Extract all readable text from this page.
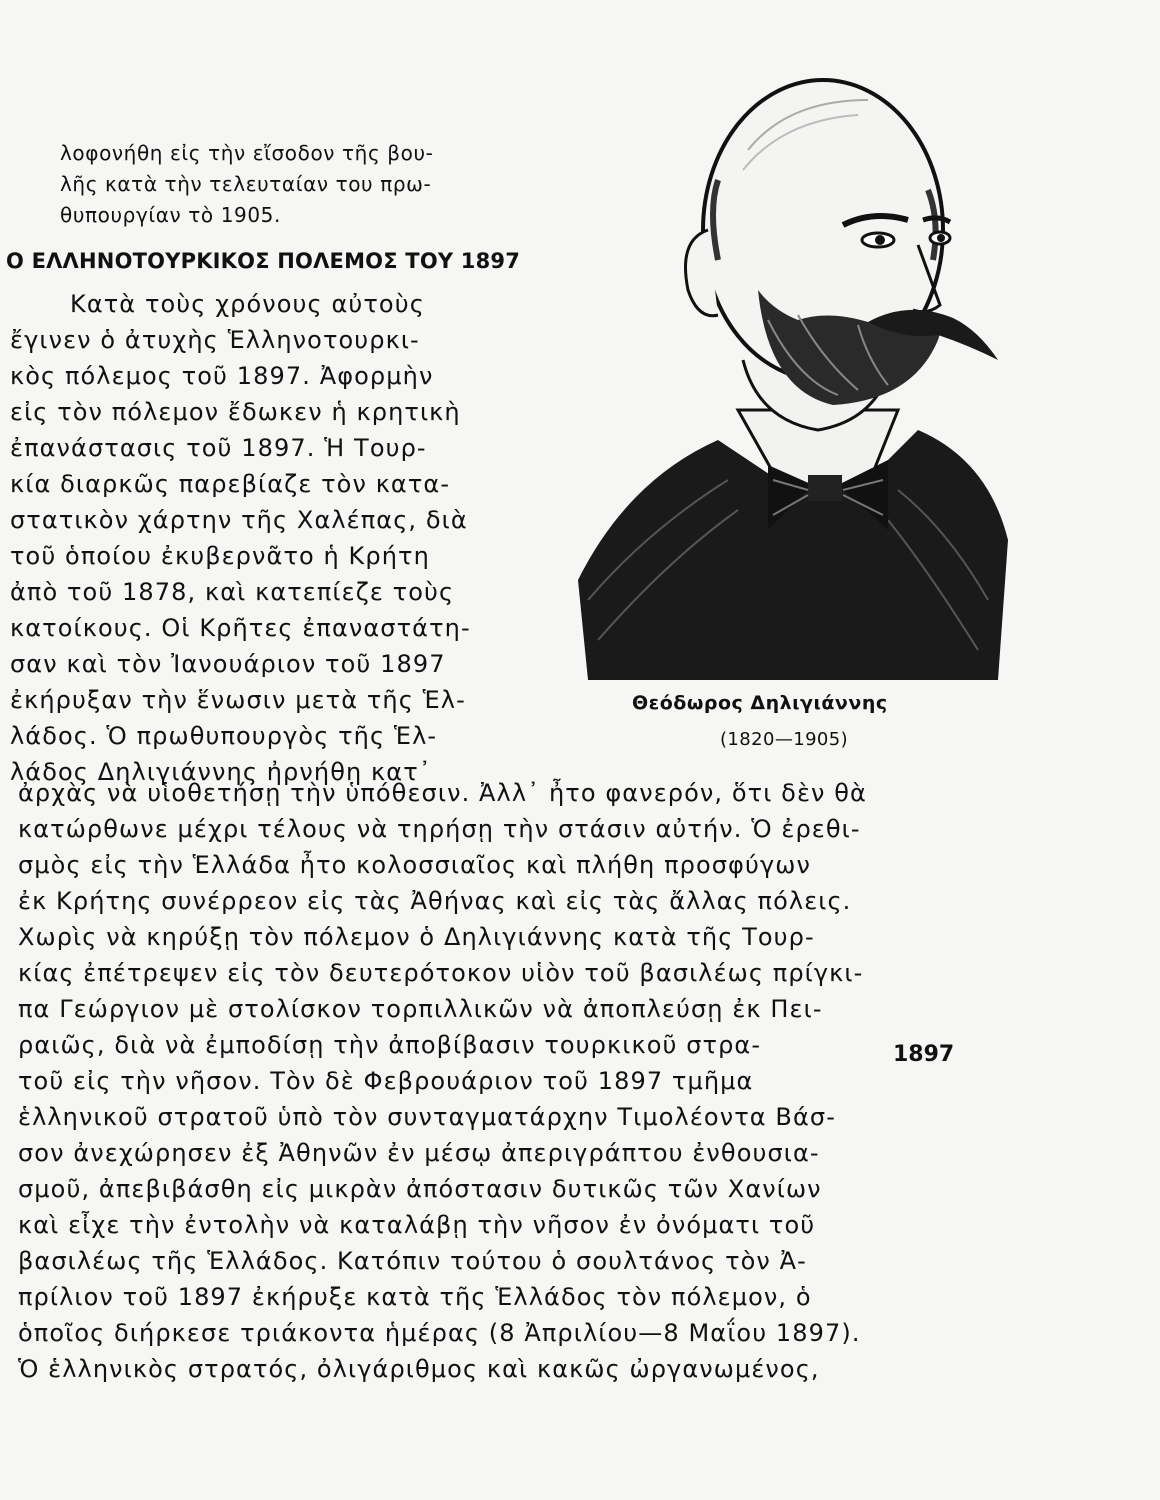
λοφονήθη εἰς τὴν εἴσοδον τῆς βου-
λῆς κατὰ τὴν τελευταίαν του πρω-
θυπουργίαν τὸ 1905.
Ο ΕΛΛΗΝΟΤΟΥΡΚΙΚΟΣ ΠΟΛΕΜΟΣ ΤΟΥ 1897
Κατὰ τοὺς χρόνους αὐτοὺς
ἔγινεν ὁ ἀτυχὴς Ἑλληνοτουρκι-
κὸς πόλεμος τοῦ 1897. Ἀφορμὴν
εἰς τὸν πόλεμον ἔδωκεν ἡ κρητικὴ
ἐπανάστασις τοῦ 1897. Ἡ Τουρ-
κία διαρκῶς παρεβίαζε τὸν κατα-
στατικὸν χάρτην τῆς Χαλέπας, διὰ
τοῦ ὁποίου ἐκυβερνᾶτο ἡ Κρήτη
ἀπὸ τοῦ 1878, καὶ κατεπίεζε τοὺς
κατοίκους. Οἱ Κρῆτες ἐπαναστάτη-
σαν καὶ τὸν Ἰανουάριον τοῦ 1897
ἐκήρυξαν τὴν ἕνωσιν μετὰ τῆς Ἑλ-
λάδος. Ὁ πρωθυπουργὸς τῆς Ἑλ-
λάδος Δηλιγιάννης ἠρνήθη κατ᾿
Θεόδωρος Δηλιγιάννης
(1820—1905)
ἀρχὰς νὰ υἱοθετήσῃ τὴν ὑπόθεσιν. Ἀλλ᾿ ἦτο φανερόν, ὅτι δὲν θὰ
κατώρθωνε μέχρι τέλους νὰ τηρήσῃ τὴν στάσιν αὐτήν. Ὁ ἐρεθι-
σμὸς εἰς τὴν Ἑλλάδα ἦτο κολοσσιαῖος καὶ πλήθη προσφύγων
ἐκ Κρήτης συνέρρεον εἰς τὰς Ἀθήνας καὶ εἰς τὰς ἄλλας πόλεις.
Χωρὶς νὰ κηρύξῃ τὸν πόλεμον ὁ Δηλιγιάννης κατὰ τῆς Τουρ-
κίας ἐπέτρεψεν εἰς τὸν δευτερότοκον υἱὸν τοῦ βασιλέως πρίγκι-
πα Γεώργιον μὲ στολίσκον τορπιλλικῶν νὰ ἀποπλεύσῃ ἐκ Πει-
ραιῶς, διὰ νὰ ἐμποδίσῃ τὴν ἀποβίβασιν τουρκικοῦ στρα-
τοῦ εἰς τὴν νῆσον. Τὸν δὲ Φεβρουάριον τοῦ 1897 τμῆμα
ἑλληνικοῦ στρατοῦ ὑπὸ τὸν συνταγματάρχην Τιμολέοντα Βάσ-
σον ἀνεχώρησεν ἐξ Ἀθηνῶν ἐν μέσῳ ἀπεριγράπτου ἐνθουσια-
σμοῦ, ἀπεβιβάσθη εἰς μικρὰν ἀπόστασιν δυτικῶς τῶν Χανίων
καὶ εἶχε τὴν ἐντολὴν νὰ καταλάβῃ τὴν νῆσον ἐν ὀνόματι τοῦ
βασιλέως τῆς Ἑλλάδος. Κατόπιν τούτου ὁ σουλτάνος τὸν Ἀ-
πρίλιον τοῦ 1897 ἐκήρυξε κατὰ τῆς Ἑλλάδος τὸν πόλεμον, ὁ
ὁποῖος διήρκεσε τριάκοντα ἡμέρας (8 Ἀπριλίου—8 Μαΐου 1897).
Ὁ ἑλληνικὸς στρατός, ὀλιγάριθμος καὶ κακῶς ὠργανωμένος,
1897
